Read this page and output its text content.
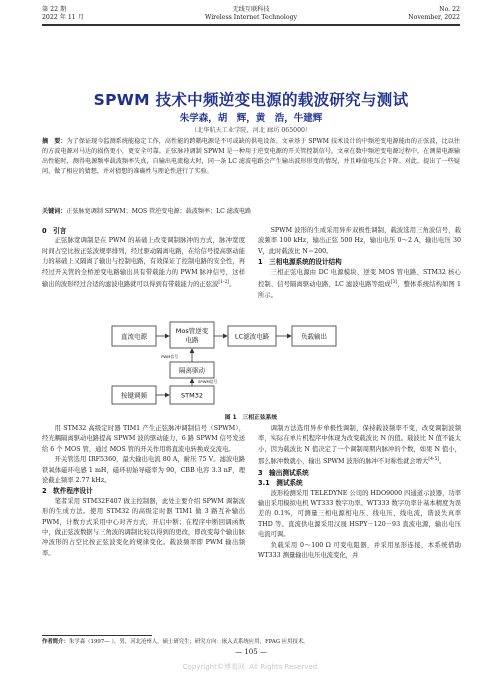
第 22 期
2022 年 11 月
无线互联科技
Wireless Internet Technology
No. 22
November, 2022
SPWM 技术中频逆变电源的载波研究与测试
朱学森，胡　辉，黄　浩，牛建辉
（北华航天工业学院，河北 廊坊 065000）
摘　要：为了保证现今监测系统能稳定工作，高性能的跨耦电源是不可或缺的供电设备。文章基于 SPWM 技术设计的中频逆变电源能由的正弦波，比以往的方波电源对马达的损伤更小，更安全可靠。正弦脉冲调制 SPWM 是一种用于逆变电源的开关管控制信号，文章在数中频逆变电源过程中，在测量电源输出性能时，测得电源频率载波频率失真，自输出电流稳大时，同一条 LC 滤波电路会产生输出波形形变的情况，并且峰值电压会下降。对此，提出了一些疑问，做了相应的猜想，并对猜想的准确性与理论性进行了实验。
关键词：正弦脉宽调制 SPWM；MOS 管逆变电源；载波频率；LC 滤波电路
0　引言
正弦脉宽调制是在 PWM 的基础上改变调制脉冲的方式，脉冲宽度时间占空比按正弦波规率排列，经过驱动隔离电路，在给信号提高驱动能力的基础上又隔离了输出与控制电路，有效保证了控制电路的安全性，再经过开关管的全桥逆变电路输出具有带载能力的 PWM 脉冲信号，这样输出的波形经过合适的滤波电路就可以得到有带载能力的正弦波[1-2]。
SPWM 波形的生成采用异步双极性调制，载波选用三角波信号，载波频率 100 kHz，输出正弦 500 Hz，输出电压 0～2 A，输出电压 30 V，此时载波比 N＝200。
1　三相电源系统的设计结构
三相正弦电源由 DC 电源模块、逆变 MOS 管电路、STM32 核心控制、信号隔离驱动电路、LC 滤波电路等组成[3]，整体系统结构如图 1 所示。
直流电源
Mos管逆变
电路	LC滤波电路	负载输出
隔离驱动
按键调频	STM32
PWM信号
SPWM信号
图 1　三相正弦系统
用 STM32 高级定时器 TIM1 产生正弦脉冲调制信号（SPWM），经光耦隔离驱动电路提高 SPWM 波的驱动能力，6 路 SPWM 信号发送给 6 个 MOS 管，通过 MOS 管的开关作用将直流电转换成交流电。
开关管选用 IRF5360，最大输出电流 80 A，耐压 75 V。滤波电路铁氧体磁环电感 1 mH，磁环初始导磁率为 90，CBB 电容 3.3 nF，理论截止频率 2.77 kHz。
2　软件程序设计
笔者采用 STM32F407 做主控制器，此处主要介绍 SPWM 调制波形的生成方法。使用 STM32 的高级定时器 TIM1 做 3 路互补输出 PWM，计数方式采用中心对齐方式，开启中断；在程序中断回调函数中，做正弦波数据与三角波的调制比较以得到的更改，即改变每个输出脉冲波形的占空比按正弦波变化的规律变化。载波频率即 PWM 输出频率。
调制方法选用异步单极性调制，保持载波频率不变，改变调制波频率，实际在单片机程序中体现为改变载波比 N 的值。载波比 N 值不能太小，因为载波比 N 值决定了一个调制周期内脉冲的个数，如果 N 值小，那么脉冲数就小，输出 SPWM 波形的脉冲不对称性就会增大[4-5]。
3　输出测试系统
3.1　测试系统
波形检测采用 TELEDYNE 公司的 HDO9000 四通道示波器，功率输出采用模拟电机 WT333 数字功率。WT333 数字功率计基本精度为误差的 0.1%，可测量三相电源相电压、线电压、线电流，谐波失真率 THD 等。直流供电源采用汉晟 HSPY－120－93 直流电源，输出电压电流可调。
负载采用 0～100 Ω 可变电阻器，并采用星形连接，本系统借助 WT333 测量输出电压电流变化，并
作者简介：朱学森（1997— ），男，河北沧州人，硕士研究生；研究方向：嵌入式系统应用，FPAG 应用技术。
— 105 —
Copyright©博看网. All Rights Reserved.
